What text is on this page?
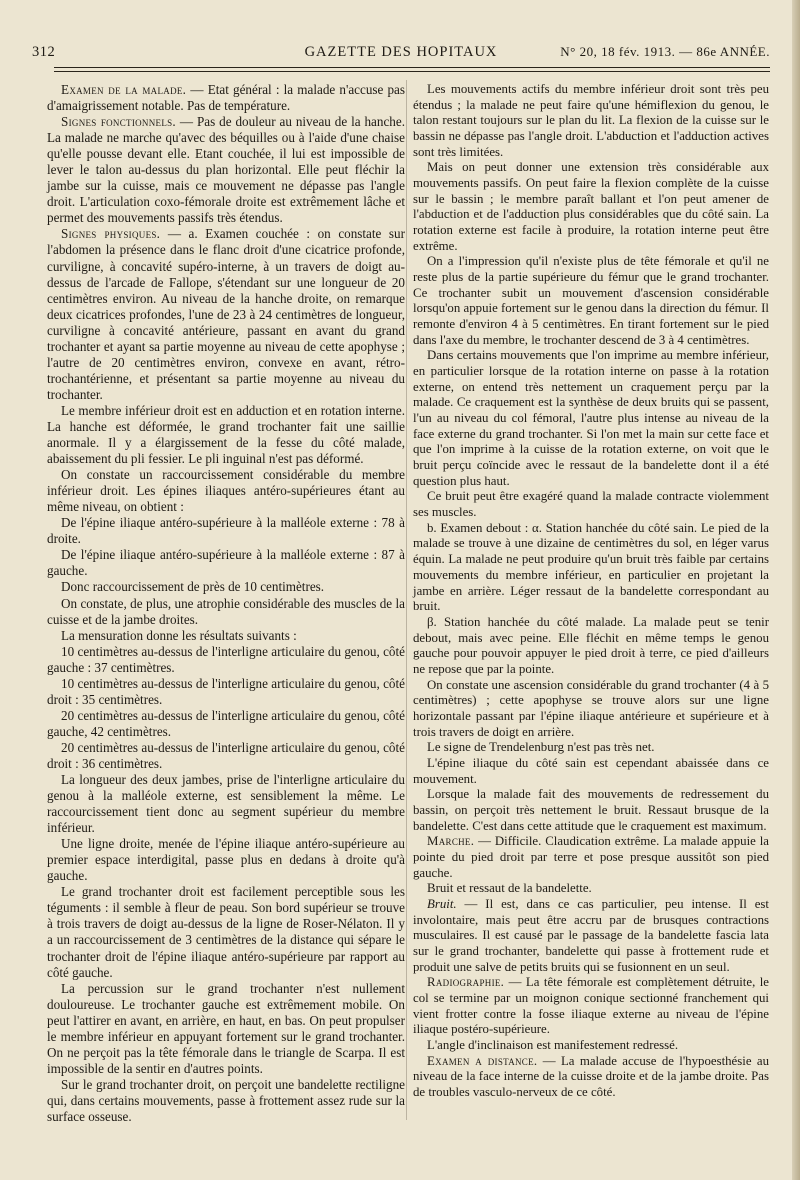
312	GAZETTE DES HOPITAUX	N° 20, 18 fév. 1913. — 86e ANNÉE.

Examen de la malade. — Etat général : la malade n'accuse pas d'amaigrissement notable. Pas de température.

Signes fonctionnels. — Pas de douleur au niveau de la hanche. La malade ne marche qu'avec des béquilles ou à l'aide d'une chaise qu'elle pousse devant elle. Etant couchée, il lui est impossible de lever le talon au-dessus du plan horizontal. Elle peut fléchir la jambe sur la cuisse, mais ce mouvement ne dépasse pas l'angle droit. L'articulation coxo-fémorale droite est extrêmement lâche et permet des mouvements passifs très étendus.

Signes physiques. — a. Examen couchée : on constate sur l'abdomen la présence dans le flanc droit d'une cicatrice profonde, curviligne, à concavité supéro-interne, à un travers de doigt au-dessus de l'arcade de Fallope, s'étendant sur une longueur de 20 centimètres environ. Au niveau de la hanche droite, on remarque deux cicatrices profondes, l'une de 23 à 24 centimètres de longueur, curviligne à concavité antérieure, passant en avant du grand trochanter et ayant sa partie moyenne au niveau de cette apophyse ; l'autre de 20 centimètres environ, convexe en avant, rétro-trochantérienne, et présentant sa partie moyenne au niveau du trochanter.

Le membre inférieur droit est en adduction et en rotation interne. La hanche est déformée, le grand trochanter fait une saillie anormale. Il y a élargissement de la fesse du côté malade, abaissement du pli fessier. Le pli inguinal n'est pas déformé.

On constate un raccourcissement considérable du membre inférieur droit. Les épines iliaques antéro-supérieures étant au même niveau, on obtient :

De l'épine iliaque antéro-supérieure à la malléole externe : 78 à droite.

De l'épine iliaque antéro-supérieure à la malléole externe : 87 à gauche.

Donc raccourcissement de près de 10 centimètres.

On constate, de plus, une atrophie considérable des muscles de la cuisse et de la jambe droites.

La mensuration donne les résultats suivants :

10 centimètres au-dessus de l'interligne articulaire du genou, côté gauche : 37 centimètres.

10 centimètres au-dessus de l'interligne articulaire du genou, côté droit : 35 centimètres.

20 centimètres au-dessus de l'interligne articulaire du genou, côté gauche, 42 centimètres.

20 centimètres au-dessus de l'interligne articulaire du genou, côté droit : 36 centimètres.

La longueur des deux jambes, prise de l'interligne articulaire du genou à la malléole externe, est sensiblement la même. Le raccourcissement tient donc au segment supérieur du membre inférieur.

Une ligne droite, menée de l'épine iliaque antéro-supérieure au premier espace interdigital, passe plus en dedans à droite qu'à gauche.

Le grand trochanter droit est facilement perceptible sous les téguments : il semble à fleur de peau. Son bord supérieur se trouve à trois travers de doigt au-dessus de la ligne de Roser-Nélaton. Il y a un raccourcissement de 3 centimètres de la distance qui sépare le trochanter droit de l'épine iliaque antéro-supérieure par rapport au côté gauche.

La percussion sur le grand trochanter n'est nullement douloureuse. Le trochanter gauche est extrêmement mobile. On peut l'attirer en avant, en arrière, en haut, en bas. On peut propulser le membre inférieur en appuyant fortement sur le grand trochanter. On ne perçoit pas la tête fémorale dans le triangle de Scarpa. Il est impossible de la sentir en d'autres points.

Sur le grand trochanter droit, on perçoit une bandelette rectiligne qui, dans certains mouvements, passe à frottement assez rude sur la surface osseuse.

Les mouvements actifs du membre inférieur droit sont très peu étendus ; la malade ne peut faire qu'une hémiflexion du genou, le talon restant toujours sur le plan du lit. La flexion de la cuisse sur le bassin ne dépasse pas l'angle droit. L'abduction et l'adduction actives sont très limitées.

Mais on peut donner une extension très considérable aux mouvements passifs. On peut faire la flexion complète de la cuisse sur le bassin ; le membre paraît ballant et l'on peut amener de l'abduction et de l'adduction plus considérables que du côté sain. La rotation externe est facile à produire, la rotation interne peut être extrême.

On a l'impression qu'il n'existe plus de tête fémorale et qu'il ne reste plus de la partie supérieure du fémur que le grand trochanter. Ce trochanter subit un mouvement d'ascension considérable lorsqu'on appuie fortement sur le genou dans la direction du fémur. Il remonte d'environ 4 à 5 centimètres. En tirant fortement sur le pied dans l'axe du membre, le trochanter descend de 3 à 4 centimètres.

Dans certains mouvements que l'on imprime au membre inférieur, en particulier lorsque de la rotation interne on passe à la rotation externe, on entend très nettement un craquement perçu par la malade. Ce craquement est la synthèse de deux bruits qui se passent, l'un au niveau du col fémoral, l'autre plus intense au niveau de la face externe du grand trochanter. Si l'on met la main sur cette face et que l'on imprime à la cuisse de la rotation externe, on voit que le bruit perçu coïncide avec le ressaut de la bandelette dont il a été question plus haut.

Ce bruit peut être exagéré quand la malade contracte violemment ses muscles.

b. Examen debout : α. Station hanchée du côté sain. Le pied de la malade se trouve à une dizaine de centimètres du sol, en léger varus équin. La malade ne peut produire qu'un bruit très faible par certains mouvements du membre inférieur, en particulier en projetant la jambe en arrière. Léger ressaut de la bandelette correspondant au bruit.

β. Station hanchée du côté malade. La malade peut se tenir debout, mais avec peine. Elle fléchit en même temps le genou gauche pour pouvoir appuyer le pied droit à terre, ce pied d'ailleurs ne repose que par la pointe.

On constate une ascension considérable du grand trochanter (4 à 5 centimètres) ; cette apophyse se trouve alors sur une ligne horizontale passant par l'épine iliaque antérieure et supérieure et à trois travers de doigt en arrière.

Le signe de Trendelenburg n'est pas très net.

L'épine iliaque du côté sain est cependant abaissée dans ce mouvement.

Lorsque la malade fait des mouvements de redressement du bassin, on perçoit très nettement le bruit. Ressaut brusque de la bandelette. C'est dans cette attitude que le craquement est maximum.

Marche. — Difficile. Claudication extrême. La malade appuie la pointe du pied droit par terre et pose presque aussitôt son pied gauche.

Bruit et ressaut de la bandelette.

Bruit. — Il est, dans ce cas particulier, peu intense. Il est involontaire, mais peut être accru par de brusques contractions musculaires. Il est causé par le passage de la bandelette fascia lata sur le grand trochanter, bandelette qui passe à frottement rude et produit une salve de petits bruits qui se fusionnent en un seul.

Radiographie. — La tête fémorale est complètement détruite, le col se termine par un moignon conique sectionné franchement qui vient frotter contre la fosse iliaque externe au niveau de l'épine iliaque postéro-supérieure.

L'angle d'inclinaison est manifestement redressé.

Examen a distance. — La malade accuse de l'hypoesthésie au niveau de la face interne de la cuisse droite et de la jambe droite. Pas de troubles vasculo-nerveux de ce côté.
